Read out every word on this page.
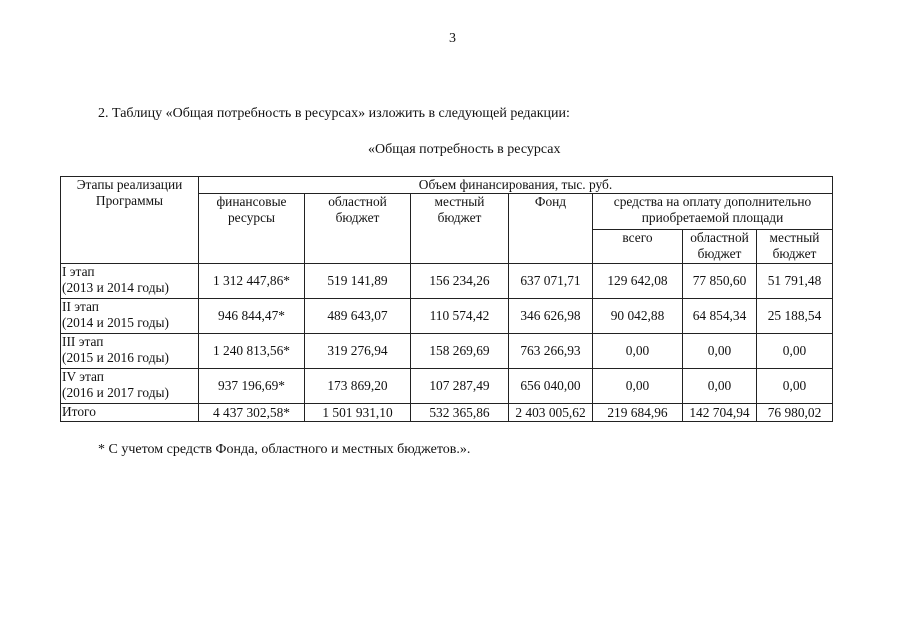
3
2. Таблицу «Общая потребность в ресурсах» изложить в следующей редакции:
«Общая потребность в ресурсах
Этапы реализации Программы	Объем финансирования, тыс. руб.						
	финансовые ресурсы	областной бюджет	местный бюджет	Фонд	средства на оплату дополнительно приобретаемой площади		
					всего	областной бюджет	местный бюджет

I этап
(2013 и 2014 годы)	1 312 447,86*	519 141,89	156 234,26	637 071,71	129 642,08	77 850,60	51 791,48

II этап
(2014 и 2015 годы)	946 844,47*	489 643,07	110 574,42	346 626,98	90 042,88	64 854,34	25 188,54

III этап
(2015 и 2016 годы)	1 240 813,56*	319 276,94	158 269,69	763 266,93	0,00	0,00	0,00

IV этап
(2016 и 2017 годы)	937 196,69*	173 869,20	107 287,49	656 040,00	0,00	0,00	0,00
Итого	4 437 302,58*	1 501 931,10	532 365,86	2 403 005,62	219 684,96	142 704,94	76 980,02
* С учетом средств Фонда, областного и местных бюджетов.».
